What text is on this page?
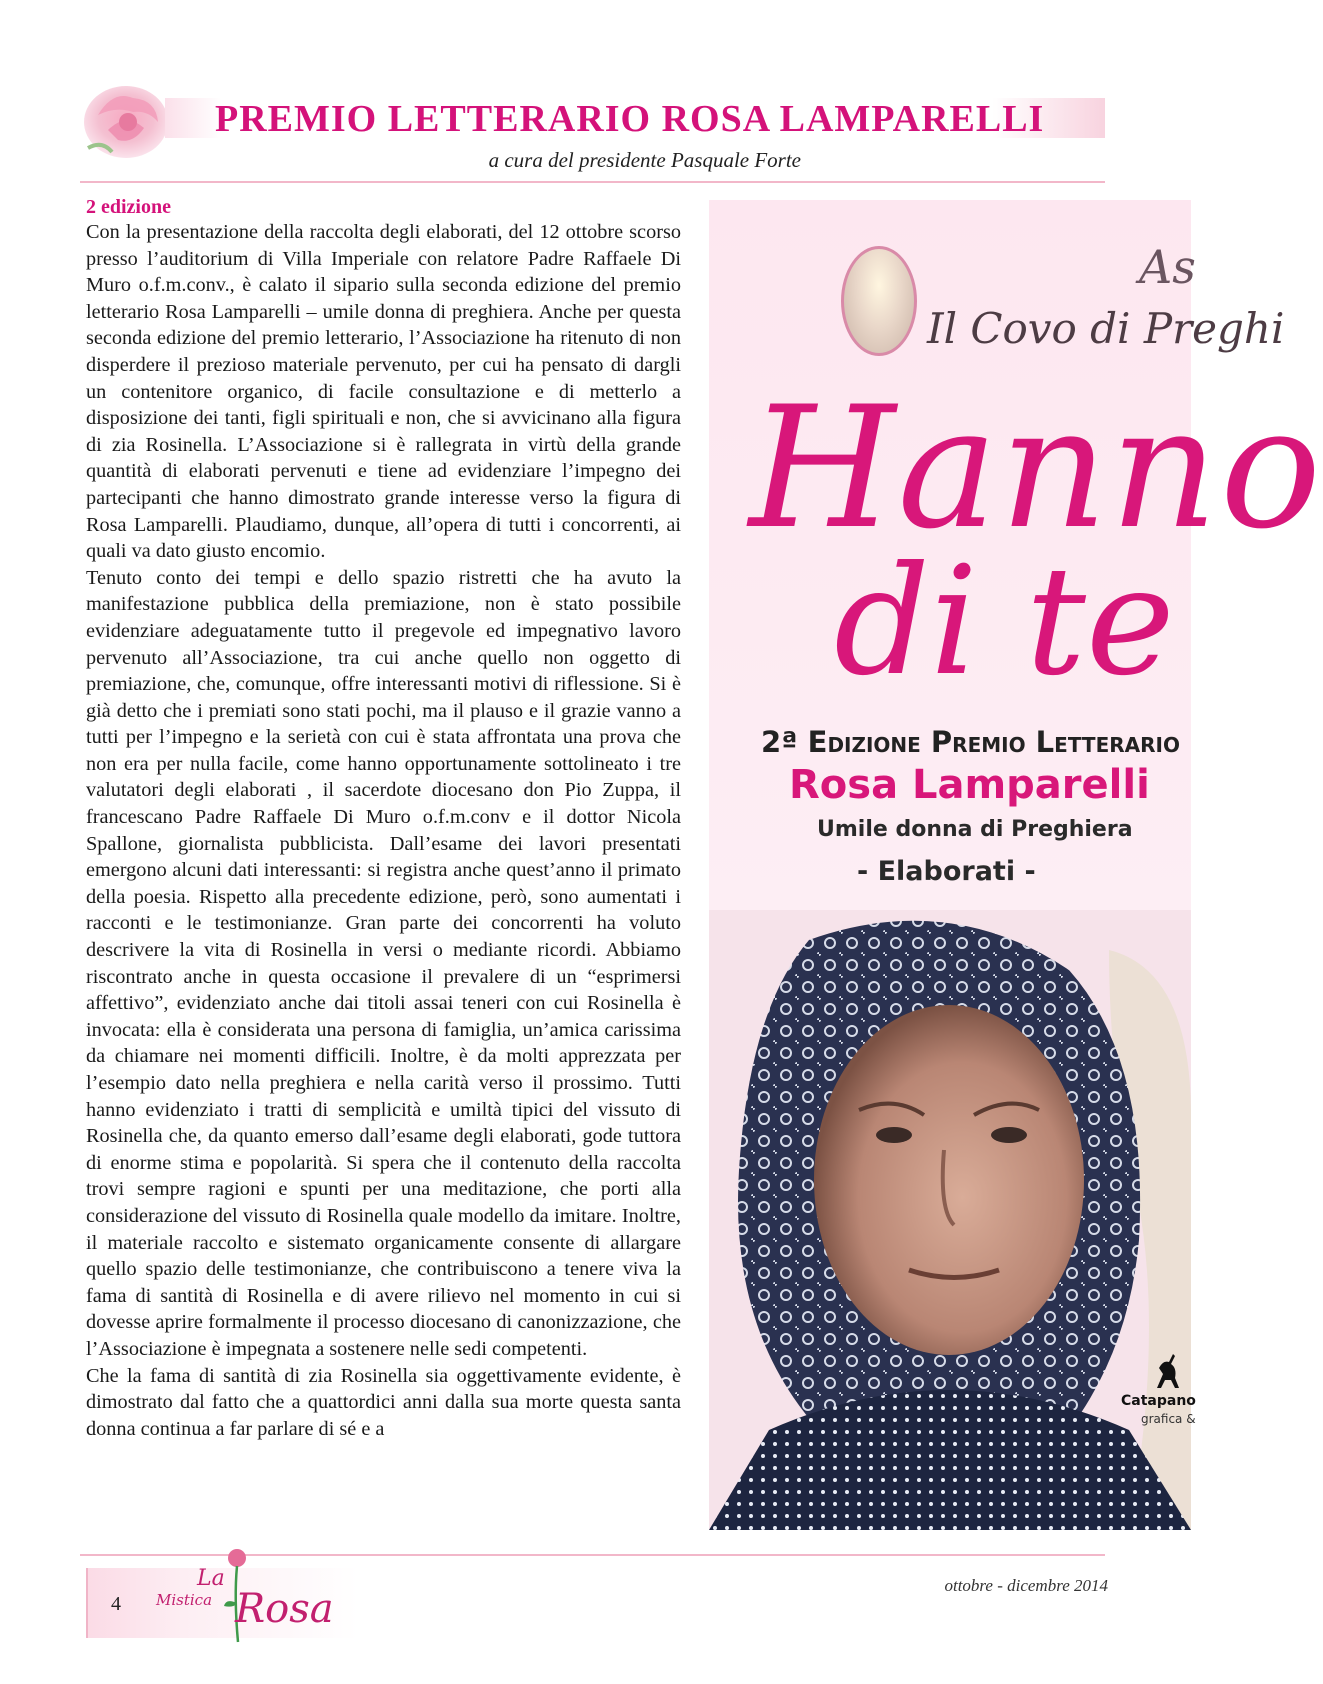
PREMIO LETTERARIO ROSA LAMPARELLI
a cura del presidente Pasquale Forte
2 edizione

Con la presentazione della raccolta degli elaborati, del 12 ottobre scorso presso l’auditorium di Villa Imperiale con relatore Padre Raffaele Di Muro o.f.m.conv., è calato il sipario sulla seconda edizione del premio letterario Rosa Lamparelli – umile donna di preghiera. Anche per questa seconda edizione del premio letterario, l’Associazione ha ritenuto di non disperdere il prezioso materiale pervenuto, per cui ha pensato di dargli un contenitore organico, di facile consultazione e di metterlo a disposizione dei tanti, figli spirituali e non, che si avvicinano alla figura di zia Rosinella. L’Associazione si è rallegrata in virtù della grande quantità di elaborati pervenuti e tiene ad evidenziare l’impegno dei partecipanti che hanno dimostrato grande interesse verso la figura di Rosa Lamparelli. Plaudiamo, dunque, all’opera di tutti i concorrenti, ai quali va dato giusto encomio.

Tenuto conto dei tempi e dello spazio ristretti che ha avuto la manifestazione pubblica della premiazione, non è stato possibile evidenziare adeguatamente tutto il pregevole ed impegnativo lavoro pervenuto all’Associazione, tra cui anche quello non oggetto di premiazione, che, comunque, offre interessanti motivi di riflessione. Si è già detto che i premiati sono stati pochi, ma il plauso e il grazie vanno a tutti per l’impegno e la serietà con cui è stata affrontata una prova che non era per nulla facile, come hanno opportunamente sottolineato i tre valutatori degli elaborati , il sacerdote diocesano don Pio Zuppa, il francescano Padre Raffaele Di Muro o.f.m.conv e il dottor Nicola Spallone, giornalista pubblicista. Dall’esame dei lavori presentati emergono alcuni dati interessanti: si registra anche quest’anno il primato della poesia. Rispetto alla precedente edizione, però, sono aumentati i racconti e le testimonianze. Gran parte dei concorrenti ha voluto descrivere la vita di Rosinella in versi o mediante ricordi. Abbiamo riscontrato anche in questa occasione il prevalere di un “esprimersi affettivo”, evidenziato anche dai titoli assai teneri con cui Rosinella è invocata: ella è considerata una persona di famiglia, un’amica carissima da chiamare nei momenti difficili. Inoltre, è da molti apprezzata per l’esempio dato nella preghiera e nella carità verso il prossimo. Tutti hanno evidenziato i tratti di semplicità e umiltà tipici del vissuto di Rosinella che, da quanto emerso dall’esame degli elaborati, gode tuttora di enorme stima e popolarità. Si spera che il contenuto della raccolta trovi sempre ragioni e spunti per una meditazione, che porti alla considerazione del vissuto di Rosinella quale modello da imitare. Inoltre, il materiale raccolto e sistemato organicamente consente di allargare quello spazio delle testimonianze, che contribuiscono a tenere viva la fama di santità di Rosinella e di avere rilievo nel momento in cui si dovesse aprire formalmente il processo diocesano di canonizzazione, che l’Associazione è impegnata a sostenere nelle sedi competenti.

Che la fama di santità di zia Rosinella sia oggettivamente evidente, è dimostrato dal fatto che a quattordici anni dalla sua morte questa santa donna continua a far parlare di sé e a

As
Il Covo di Preghi
Hanno
di te
2ª Edizione Premio Letterario
Rosa Lamparelli
Umile donna di Preghiera
- Elaborati -
Catapano
grafica &
4
La
Mistica Rosa
ottobre - dicembre 2014
